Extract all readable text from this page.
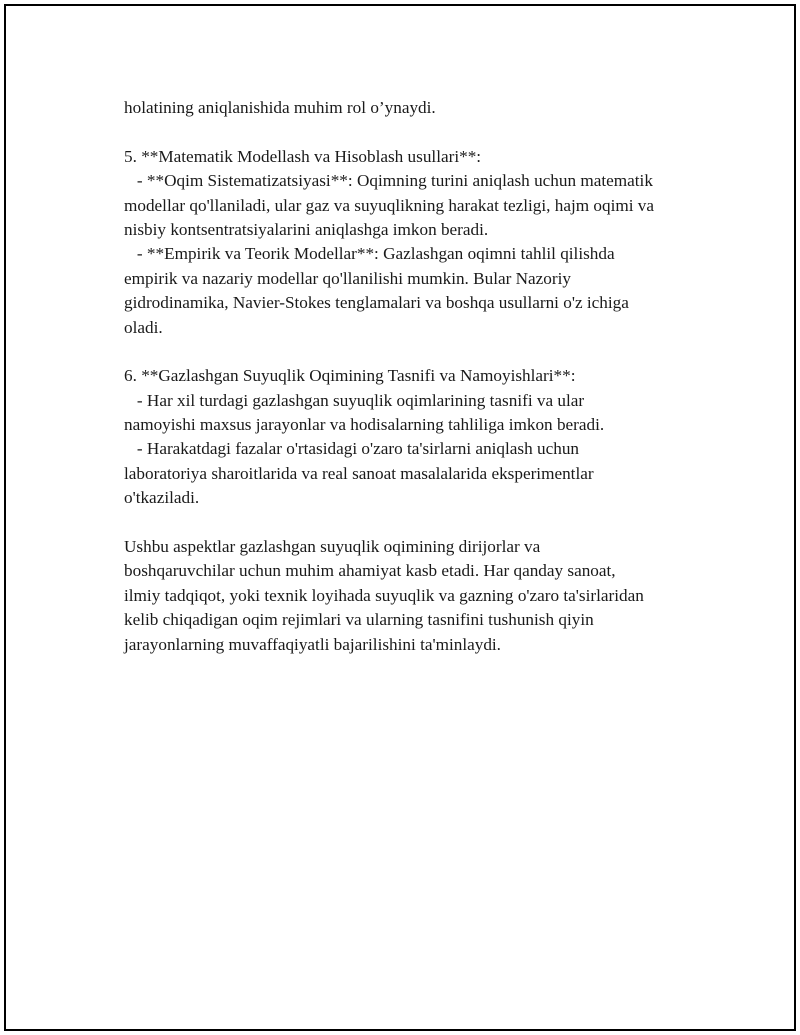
holatining aniqlanishida muhim rol o’ynaydi.
5. **Matematik Modellash va Hisoblash usullari**:
- **Oqim Sistematizatsiyasi**: Oqimning turini aniqlash uchun matematik
modellar qo'llaniladi, ular gaz va suyuqlikning harakat tezligi, hajm oqimi va
nisbiy kontsentratsiyalarini aniqlashga imkon beradi.
- **Empirik va Teorik Modellar**: Gazlashgan oqimni tahlil qilishda
empirik va nazariy modellar qo'llanilishi mumkin. Bular Nazoriy
gidrodinamika, Navier-Stokes tenglamalari va boshqa usullarni o'z ichiga
oladi.
6. **Gazlashgan Suyuqlik Oqimining Tasnifi va Namoyishlari**:
- Har xil turdagi gazlashgan suyuqlik oqimlarining tasnifi va ular
namoyishi maxsus jarayonlar va hodisalarning tahliliga imkon beradi.
- Harakatdagi fazalar o'rtasidagi o'zaro ta'sirlarni aniqlash uchun
laboratoriya sharoitlarida va real sanoat masalalarida eksperimentlar
o'tkaziladi.
Ushbu aspektlar gazlashgan suyuqlik oqimining dirijorlar va
boshqaruvchilar uchun muhim ahamiyat kasb etadi. Har qanday sanoat,
ilmiy tadqiqot, yoki texnik loyihada suyuqlik va gazning o'zaro ta'sirlaridan
kelib chiqadigan oqim rejimlari va ularning tasnifini tushunish qiyin
jarayonlarning muvaffaqiyatli bajarilishini ta'minlaydi.
